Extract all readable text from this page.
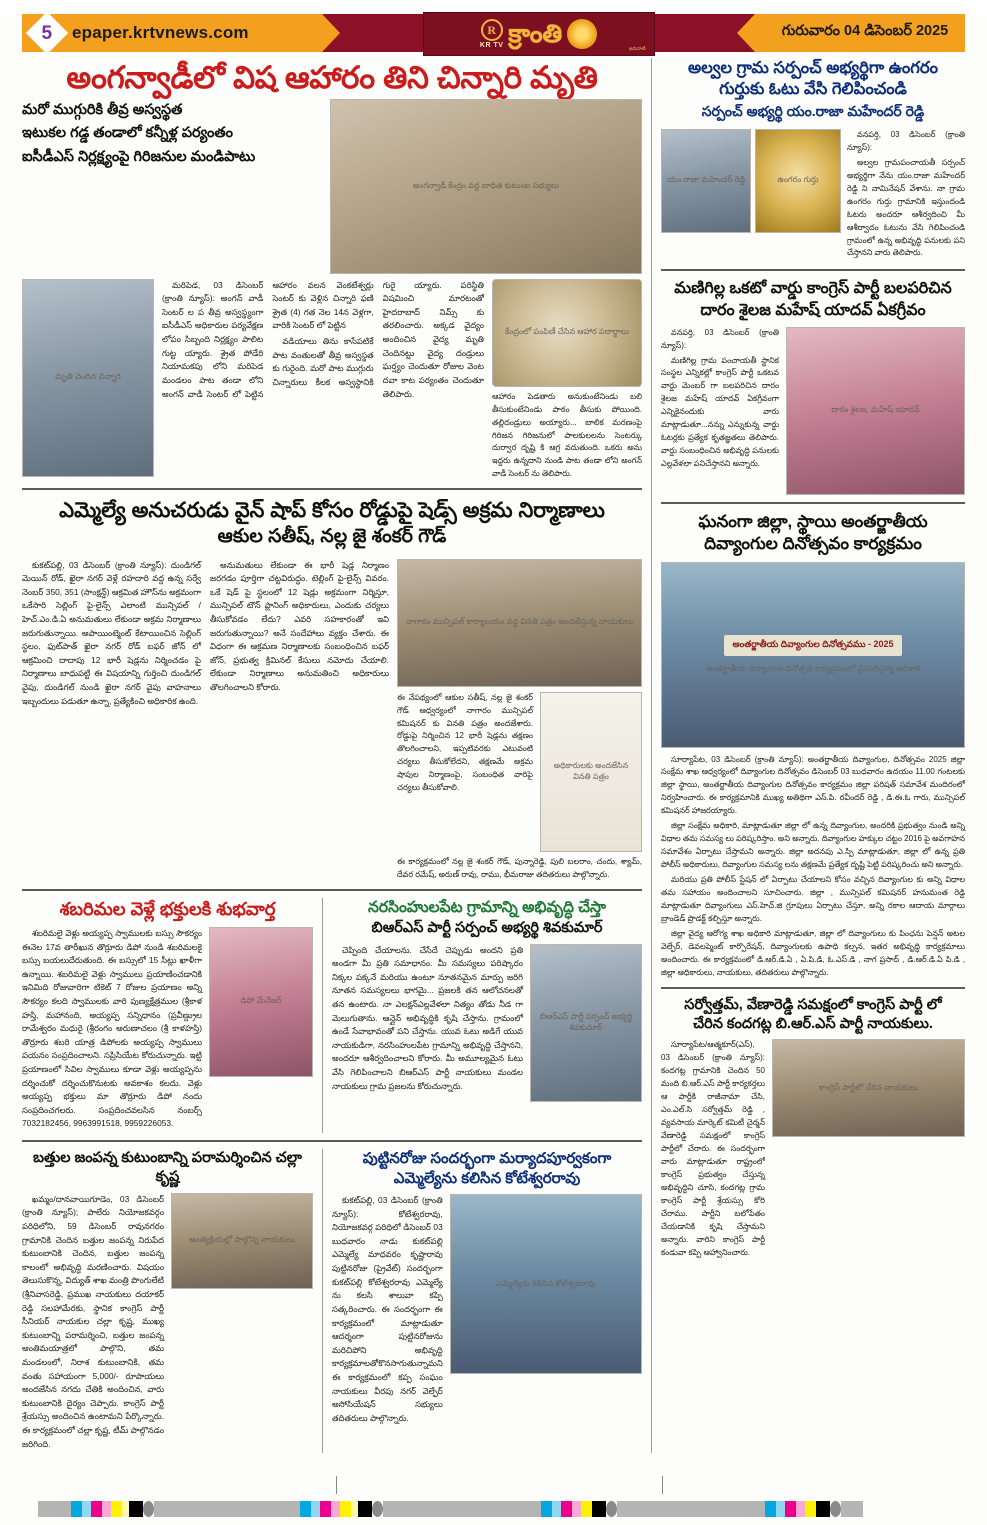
5 epaper.krtvnews.com	R
KR TV క్రాంతి
జనవాణి
గురువారం 04 డిసెంబర్ 2025
అంగన్వాడీలో విష ఆహారం తిని చిన్నారి మృతి
మరో ముగ్గురికి తీవ్ర అస్వస్థత
ఇటుకల గడ్డ తండాలో కన్నీళ్ల పర్యంతం
ఐసీడీఎస్ నిర్లక్ష్యంపై గిరిజనుల మండిపాటు
అంగన్వాడీ కేంద్రం వద్ద బాధిత కుటుంబ సభ్యులు
మృతి చెందిన చిన్నారి

మరిపెడ, 03 డిసెంబర్ (క్రాంతి న్యూస్): అంగన్ వాడీ సెంటర్ ల ప తీవ్ర అస్వస్థ్యంగా ఐసీడీఎస్ అధికారుల పర్యవేక్షణ లోపం సిబ్బంది నిర్లక్ష్యం పాలిట గుట్ట య్యారు. శ్రైత పోడేరి నియామకపు లోని మరిపెడ మండలం పాట తండా లోని అంగన్ వాడీ సెంటర్ లో పెట్టిన ఆహారం వలన వెంకటేశ్వర్లు సెంటర్ కు వెళ్లిన చిన్నారి ఫణి శ్రైత (4) గత నెల 14న వెళ్లగా, వారికి సెంటర్ లో పెట్టిన

వడియాలు తిను కాసేపటికే పాట వంతులతో తీవ్ర అస్వస్థత కు గురైంది. మరో పాట ముగ్గురు చిన్నారులు కీలక అస్వస్థానికి గురై య్యారు. పరిస్థితి విషమించి మారటంతో హైదరాబాద్ నిమ్స్ కు తరలించారు. అక్కడ వైద్యం అందించిన వైద్య మృతి చెందినట్టు వైద్య దండ్రులు ఘర్ష్యం చెందుతూ రోజుల వెంట దవా కాట పర్యంతం చెందుతూ తెలిపారు.

కేంద్రంలో పంపిణీ చేసిన ఆహార పదార్థాలు
ఆహారం పెడతారు అనుకుంటేనిండు బలి తీసుకుంటేనిండు పాఠం తీసుకు పోయింది. తల్లిదండ్రులు అయ్యారు... బాలిక మరణంపై గిరిజన గిరిజనులో పాలకులలను సెంటర్కు దుర్వార దృష్టి కి ఆగ్ర వదుతుంది. ఒకరు అను ఇద్దరు ఉన్నదాని నుండి పాట తండా లోని అంగన్ వాడీ సెంటర్ ను తెలిపారు.
ఎమ్మెల్యే అనుచరుడు వైన్ షాప్ కోసం రోడ్డుపై షెడ్స్ అక్రమ నిర్మాణాలు
ఆకుల సతీష్, నల్ల జై శంకర్ గౌడ్

కుకట్‌పల్లి, 03 డిసెంబర్ (క్రాంతి న్యూస్): దుండిగల్ మెయిన్ రోడ్, ఖైరా నగర్ వెళ్లే రహదారి వద్ద ఉన్న సర్వే నెంబర్ 350, 351 (సాంక్షన్డ్) ఆక్రమిత హౌస్‌ను అక్రమంగా ఒకేసారి సెల్లింగ్ పై-లైన్స్ ఎలాంటి మున్సిపల్ / హెచ్.ఎం.డి.ఏ అనుమతులు లేకుండా అక్రమ నిర్మాణాలు జరుగుతున్నాయి. అపాయింట్మెంట్ కేటాయించిన సెల్లింగ్ స్థలం, ఫుట్‌పాత్ ఖైరా నగర్ రోడ్ బఫర్ జోన్ లో ఆక్రమించి దాదాపు 12 భారీ షెడ్లను నిర్మించడం పై నిర్మాణాలు బాధుపట్టి ఈ విషయాన్ని గుర్తించి దుండిగల్ వైపు, దుండిగల్ నుండి ఖైరా నగర్ వైపు వాహనాలు ఇబ్బందులు పడుతూ ఉన్నా, ప్రత్యేకించి అధికారిక ఉంది.

అనుమతులు లేకుండా ఈ భారీ షెడ్ల నిర్మాణం జరగడం పూర్తిగా చట్టవిరుద్ధం. టెల్లింగ్ పై-లైన్స్ వివరం. ఒకే షెడ్ పై స్థలంలో 12 షెడ్లు అక్రమంగా నిర్మిస్తూ, మున్సిపల్ టౌన్ ప్లానింగ్ అధికారులు, ఎందుకు చర్యలు తీసుకోవడం లేదు? ఎవరి సహకారంతో ఇవి జరుగుతున్నాయి? అనే సందేహాలు వ్యక్తం చేశారు. ఈ విధంగా ఈ ఆక్రమణ నిర్మాణాలకు సంబంధించిన బఫర్ జోన్, ప్రభుత్వ క్రిమినల్ కేసులు నమోదు చేయాలి. లేకుండా నిర్మాణాలు అనుమతించి అధికారులు తొలగించాలని కోరారు.

నాగారం మున్సిపల్ కార్యాలయం వద్ద వినతి పత్రం అందజేస్తున్న నాయకులు
ఈ నేపథ్యంలో ఆకుల సతీష్, నల్ల జై శంకర్ గౌడ్ ఆధ్వర్యంలో నాగారం మున్సిపల్ కమిషనర్ కు వినతి పత్రం అందజేశారు. రోడ్డుపై నిర్మించిన 12 భారీ షెడ్లను తక్షణం తొలగించాలని, ఇప్పటివరకు ఎటువంటి చర్యలు తీసుకోలేదని, తక్షణమే అక్రమ షాపుల నిర్మాణంపై, సంబంధిత వారిపై చర్యలు తీసుకోవాలి.
అధికారులకు అందజేసిన వినతి పత్రం
ఈ కార్యక్రమంలో నల్ల జై శంకర్ గౌడ్, పున్నారెడ్డి, పులి బలరాం, చందు, శ్యామ్, దేవర రమేష్, అరుణ్ రావు, రాము, భీమరాజు తదితరులు పాల్గొన్నారు.
శబరిమల వెళ్లే భక్తులకి శుభవార్త

శబరిమలై వెళ్లు అయ్యప్ప స్వాములకు బస్సు సౌకర్యం ఈనెల 17వ తారీఖున తొర్రూరు డిపో నుండి శబరిమలకై బస్సు బయలుదేరుతుంది. ఈ బస్సులో 15 సీట్లు ఖాళీగా ఉన్నాయి. శబరిమలై వెళ్లు స్వాములు ప్రయాణించడానికి ఇనిమిది రోజువారిగా టికెట్ 7 రోజుల ప్రయాణం అన్ని సౌకర్యం కలది స్వాములకు వారి పుణ్యక్షేత్రముల (శ్రీకాళ హస్తి, మహానంది, అయ్యప్ప సన్నిధానం (ప్రవీణ్ద్రుల రామేశ్వరం మధురై (శ్రీరంగం అరుణాచలం (శ్రీ కాళహస్తి) తొర్రూరు శబరి యాత్ర డిపోలకు అయ్యప్ప స్వాములు పయనం సంప్రదించాలని. సప్రిసియేట కోరుచున్నారు. ఇట్టి ప్రయాణంలో సివిల స్వాములు కూడా వెళ్లు అయ్యప్పను దర్శించుకో దర్శించుకొనుటకు అవకాశం కలదు. వెళ్లు అయ్యప్ప భక్తులు మా తొర్రూరు డిపో నందు సంప్రదించగలరు. సంప్రదించవలసిన నంబర్స్ 7032182456, 9963991518, 9959226053.

డిపో మేనేజర్
నరసింహులపేట గ్రామాన్ని అభివృద్ధి చేస్తా
బిఆర్ఎస్ పార్టీ సర్పంచ్ అభ్యర్థి శివకుమార్

చెప్పింది చేయాలను. చేసేదే చెప్పుడు అందని ప్రతి అండగా మీ ప్రతి సమాధానం. మీ సమస్యలు పరిష్కారం నిక్కల పక్కనే మరియు ఉంటూ నూతనమైన మార్పు జరిగి నూతన సమస్యలలు భాగమై... ప్రజలకి తన ఆలోచనలతో తన ఉంటారు. నా ఎలక్షన్ఎల్లవేళలా నిత్యం తోడు నీడ గా మెలుగుతాను. ఆన్లైన్ అభివృద్ధికి కృషి చేస్తాను. గ్రామంలో ఉండే సేవాభావంతో పని చేస్తాను. యువ ఓటు అడిగే యువ నాయకుడిగా, నరసింహులపేట గ్రామాన్ని అభివృద్ధి చేస్తానని, అందరూ ఆశీర్వదించాలని కోరారు. మీ అమూల్యమైన ఓటు వేసి గెలిపించాలని బిఆర్ఎస్ పార్టీ నాయకులు మండల నాయకులు గ్రామ ప్రజలను కోరుచున్నారు.

బిఆర్ఎస్ పార్టీ సర్పంచ్ అభ్యర్థి శివకుమార్
బత్తుల జంపన్న కుటుంబాన్ని పరామర్శించిన చల్లా కృష్ణ

ఖమ్మం/దానవాయిగూడెం, 03 డిసెంబర్ (క్రాంతి న్యూస్); పాలేరు నియోజకవర్గం పరిధిలోని, 59 డిసెంబర్ రావునగరం గ్రామానికి చెందిన బత్తుల జంపన్న నిరుపేద కుటుంబానికి చెందిన, బత్తుల జంపన్న కాలంలో అభివృద్ధి మరణించారు. విషయం తెలుసుకొన్న, విద్యుత్ శాఖ మంత్రి పొంగులేటి (శ్రీనివాసరెడ్డి, ప్రముఖ నాయకులు దయాకర్ రెడ్డి సలహామేరకు, స్థానిక కాంగ్రెస్ పార్టీ సీనియర్ నాయకుల చల్లా కృష్ణ, ముఖ్య కుటుంబాన్ని పరామర్శించి, బత్తుల జంపన్న అంతిమయాత్రలో పాల్గొని, తమ మండలంలో, నిరాశ కుటుంబానికి, తమ వంతు సహాయంగా 5,000/- రూపాయలు అందజేసిన నగదు చేతికి అందించిన, వారు కుటుంబానికి దైర్యం చెప్పారు. కాంగ్రెస్ పార్టీ శ్రేయస్సు అందించిన ఉంటామని పేర్కొన్నారు. ఈ కార్యక్రమంలో చల్లా కృష్ణ, టీమ్ పాల్గొనడం జరిగింది.

అంత్యక్రియల్లో పాల్గొన్న నాయకులు
పుట్టినరోజు సందర్భంగా మర్యాదపూర్వకంగా
ఎమ్మెల్యేను కలిసిన కోటేశ్వరరావు

కుకట్‌పల్లి, 03 డిసెంబర్ (క్రాంతి న్యూస్): కోటేశ్వరరావు, నియోజకవర్గ పరిధిలో డిసెంబర్ 03 బుధవారం నాడు కుకట్‌పల్లి ఎమ్మెల్యే మాధవరం కృష్ణారావు పుట్టినరోజు (ప్రైవేట్) సందర్భంగా కుకట్‌పల్లి కోటేశ్వరరావు ఎమ్మెల్యే ను కలసి శాలువా కప్పి సత్కరించారు. ఈ సందర్భంగా ఈ కార్యక్రమంలో మాట్లాడుతూ ఆదర్శంగా పుట్టినరోజును మరిచిపోని అభివృద్ధి కార్యక్రమాలతోకొనసాగుతున్నామని ఈ కార్యక్రమంలో కప్ప సంఘం నాయకులు వీరపు నగర్ వెల్ఫేర్ అసోసియేషన్ సభ్యులు తదితరులు పాల్గొన్నారు.

ఎమ్మెల్యేను కలిసిన కోటేశ్వరరావు
అల్వల గ్రామ సర్పంచ్ అభ్యర్థిగా ఉంగరం
గుర్తుకు ఓటు వేసి గెలిపించండి
సర్పంచ్ అభ్యర్థి యం.రాజా మహేందర్ రెడ్డి
యం.రాజా మహేందర్ రెడ్డి	ఉంగరం గుర్తు

వనపర్తి, 03 డిసెంబర్ (క్రాంతి న్యూస్):

అల్వల గ్రామపంచాయతీ సర్పంచ్ అభ్యర్థిగా నేను యం.రాజా మహేందర్ రెడ్డి ని నామినేషన్ వేశాను. నా గ్రామ ఉంగరం గుర్తు గ్రామానికి ఇస్తుందండి ఓటరు అందరూ ఆశీర్వదించి మీ ఆశీర్వాదం ఓటును వేసి గెలిపించండి గ్రామంలో ఉన్న అభివృద్ధి పనులకు పని చేస్తానని వారు తెలిపారు.

మణిగిల్ల ఒకటో వార్డు కాంగ్రెస్ పార్టీ బలపరిచిన
దారం శైలజ మహేష్ యాదవ్ ఏకగ్రీవం

వనపర్తి, 03 డిసెంబర్ (క్రాంతి న్యూస్):

మణిగిల్ల గ్రామ పంచాయతీ స్థానిక సంస్థల ఎన్నికల్లో కాంగ్రెస్ పార్టీ ఒకటవ వార్డు మెంబర్ గా బలపరిచిన దారం శైలజ మహేష్ యాదవ్ ఏకగ్రీవంగా ఎన్నికైనందుకు వారు మాట్లాడుతూ...నన్ను ఎన్నుకున్న వార్డు ఓటర్లకు ప్రత్యేక కృతజ్ఞతలు తెలిపారు. వార్డు సంబంధించిన అభివృద్ధి పనులకు ఎల్లవేళలా పనిచేస్తానని అన్నారు.

దారం శైలజ, మహేష్ యాదవ్
ఘనంగా జిల్లా, స్థాయి అంతర్జాతీయ
దివ్యాంగుల దినోత్సవం కార్యక్రమం
అంతర్జాతీయ దివ్యాంగుల దినోత్సవము - 2025
అంతర్జాతీయ దివ్యాంగుల దినోత్సవ కార్యక్రమంలో ప్రసంగిస్తున్న అధికారి

సూర్యాపేట, 03 డిసెంబర్ (క్రాంతి న్యూస్): అంతర్జాతీయ దివ్యాంగుల, దినోత్సవం 2025 జిల్లా సంక్షేమ శాఖ ఆధ్వర్యంలో దివ్యాంగుల దినోత్సవం డిసెంబర్ 03 బుధవారం ఉదయం 11.00 గంటలకు జిల్లా స్థాయి, అంతర్జాతీయ దివ్యాంగుల దినోత్సవం కార్యక్రమం జిల్లా పరిషత్ సమావేశ మందిరంలో నిర్వహించారు. ఈ కార్యక్రమానికి ముఖ్య అతిథిగా ఎస్.పి. రవీందర్ రెడ్డి , డి.ఈ.ఓ గారు, మున్సిపల్ కమిషనర్ హాజరయ్యారు.

జిల్లా సంక్షేమ అధికారి, మాట్లాడుతూ జిల్లా లో ఉన్న దివ్యాంగుల, అందరికి ప్రభుత్వం నుండి అన్ని విధాల తమ సమస్య లు పరిష్కరిస్తాం. అని అన్నారు. దివ్యాంగుల హక్కుల చట్టం 2016 పై అవగాహన సమావేశం ఏర్పాటు చేస్తామని అన్నారు. జిల్లా అదనపు ఎ.స్పి మాట్లాడుతూ, జిల్లా లో ఉన్న ప్రతి పోలీస్ అధికారులు, దివ్యాంగుల సమస్య లను తక్షణమే ప్రత్యేక దృష్టి పెట్టి పరిష్కరించు అని అన్నారు.

మరియు ప్రతి పోలీస్ స్టేషన్ లో ఏర్పాటు చేయాలని కోసం వచ్చిన దివ్యాంగుల కు అన్ని విధాల తమ సహాయం అందించాలని సూచించారు. జిల్లా , మున్సిపల్ కమిషనర్ హనుమంత రెడ్డి మాట్లాడుతూ దివ్యాంగులు ఎస్.హెచ్.జి గ్రూపులు ఏర్పాటు చేస్తూ, అన్ని రకాల ఆదాయ మార్గాలు బ్రాండెడ్ ప్రొడక్ట్ కల్పిస్తూ అన్నారు.

జిల్లా వైద్య ఆరోగ్య శాఖ అధికారి మాట్లాడుతూ, జిల్లా లో దివ్యాంగులు కు పింఛను పెన్షన్ అటల వెల్ఫేర్, డెవలప్మెంట్ కార్పొరేషన్, దివ్యాంగులకు ఉపాధి కల్పన, ఇతర అభివృద్ధి కార్యక్రమాలు అందించారు. ఈ కార్యక్రమంలో డి.ఆర్.డి.ఏ , ఏ.పి.డి, ఓ.ఎస్.డి , నాగ ప్రసాద్ , డి.ఆర్.డి.ఏ పి.డి , జిల్లా ఆధికారులు, నాయకులు, తదితరులు పాల్గొన్నారు.

సర్వోత్తమ్, వేణారెడ్డి సమక్షంలో కాంగ్రెస్ పార్టీ లో
చేరిన కందగట్ల బి.ఆర్.ఎస్ పార్టీ నాయకులు.

సూర్యాపేట/ఆత్మకూర్(ఎస్), 03 డిసెంబర్ (క్రాంతి న్యూస్): కందగట్ల గ్రామానికి చెందిన 50 మంది బి.ఆర్.ఎస్ పార్టీ కార్యకర్తలు ఆ పార్టీకి రాజీనామా చేసి, ఎం.ఎల్.సి సర్వోత్తమ్ రెడ్డి , వ్యవసాయ మార్కెట్ కమిటీ చైర్మన్ వేణారెడ్డి సమక్షంలో కాంగ్రెస్ పార్టీలో చేరారు. ఈ సందర్భంగా వారు మాట్లాడుతూ రాష్ట్రంలో కాంగ్రెస్ ప్రభుత్వం చేస్తున్న అభివృద్ధిని చూసి, కందగట్ల గ్రామ కాంగ్రెస్ పార్టీ శ్రేయస్సు కోరి చేరాము. పార్టీని బలోపేతం చేయడానికి కృషి చేస్తామని అన్నారు. వారిని కాంగ్రెస్ పార్టీ కండువా కప్పి ఆహ్వానించారు.

కాంగ్రెస్ పార్టీలో చేరిన నాయకులు
